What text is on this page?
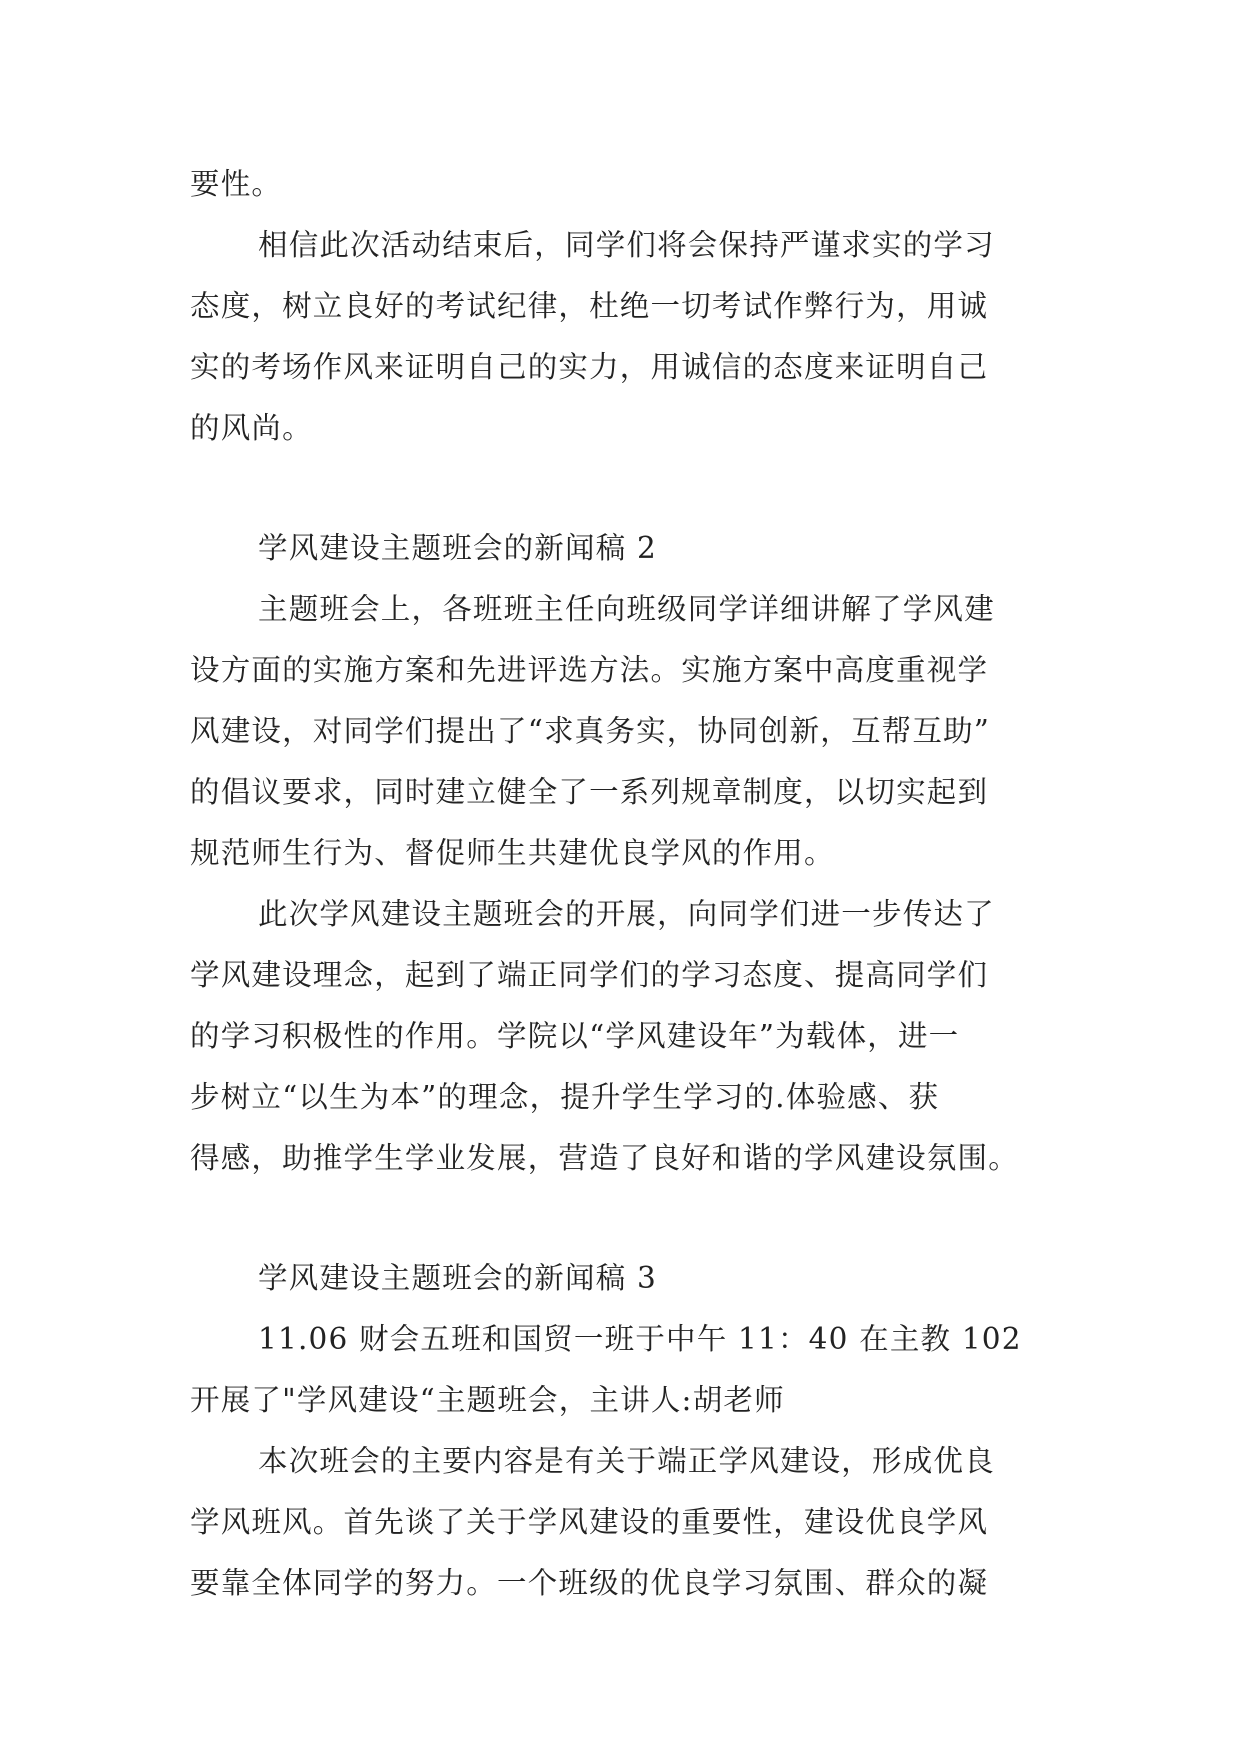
要性。
相信此次活动结束后，同学们将会保持严谨求实的学习
态度，树立良好的考试纪律，杜绝一切考试作弊行为，用诚
实的考场作风来证明自己的实力，用诚信的态度来证明自己
的风尚。
学风建设主题班会的新闻稿 2
主题班会上，各班班主任向班级同学详细讲解了学风建
设方面的实施方案和先进评选方法。实施方案中高度重视学
风建设，对同学们提出了“求真务实，协同创新，互帮互助”
的倡议要求，同时建立健全了一系列规章制度，以切实起到
规范师生行为、督促师生共建优良学风的作用。
此次学风建设主题班会的开展，向同学们进一步传达了
学风建设理念，起到了端正同学们的学习态度、提高同学们
的学习积极性的作用。学院以“学风建设年”为载体，进一
步树立“以生为本”的理念，提升学生学习的.体验感、获
得感，助推学生学业发展，营造了良好和谐的学风建设氛围。
学风建设主题班会的新闻稿 3
11.06 财会五班和国贸一班于中午 11：40 在主教 102
开展了"学风建设“主题班会，主讲人:胡老师
本次班会的主要内容是有关于端正学风建设，形成优良
学风班风。首先谈了关于学风建设的重要性，建设优良学风
要靠全体同学的努力。一个班级的优良学习氛围、群众的凝
